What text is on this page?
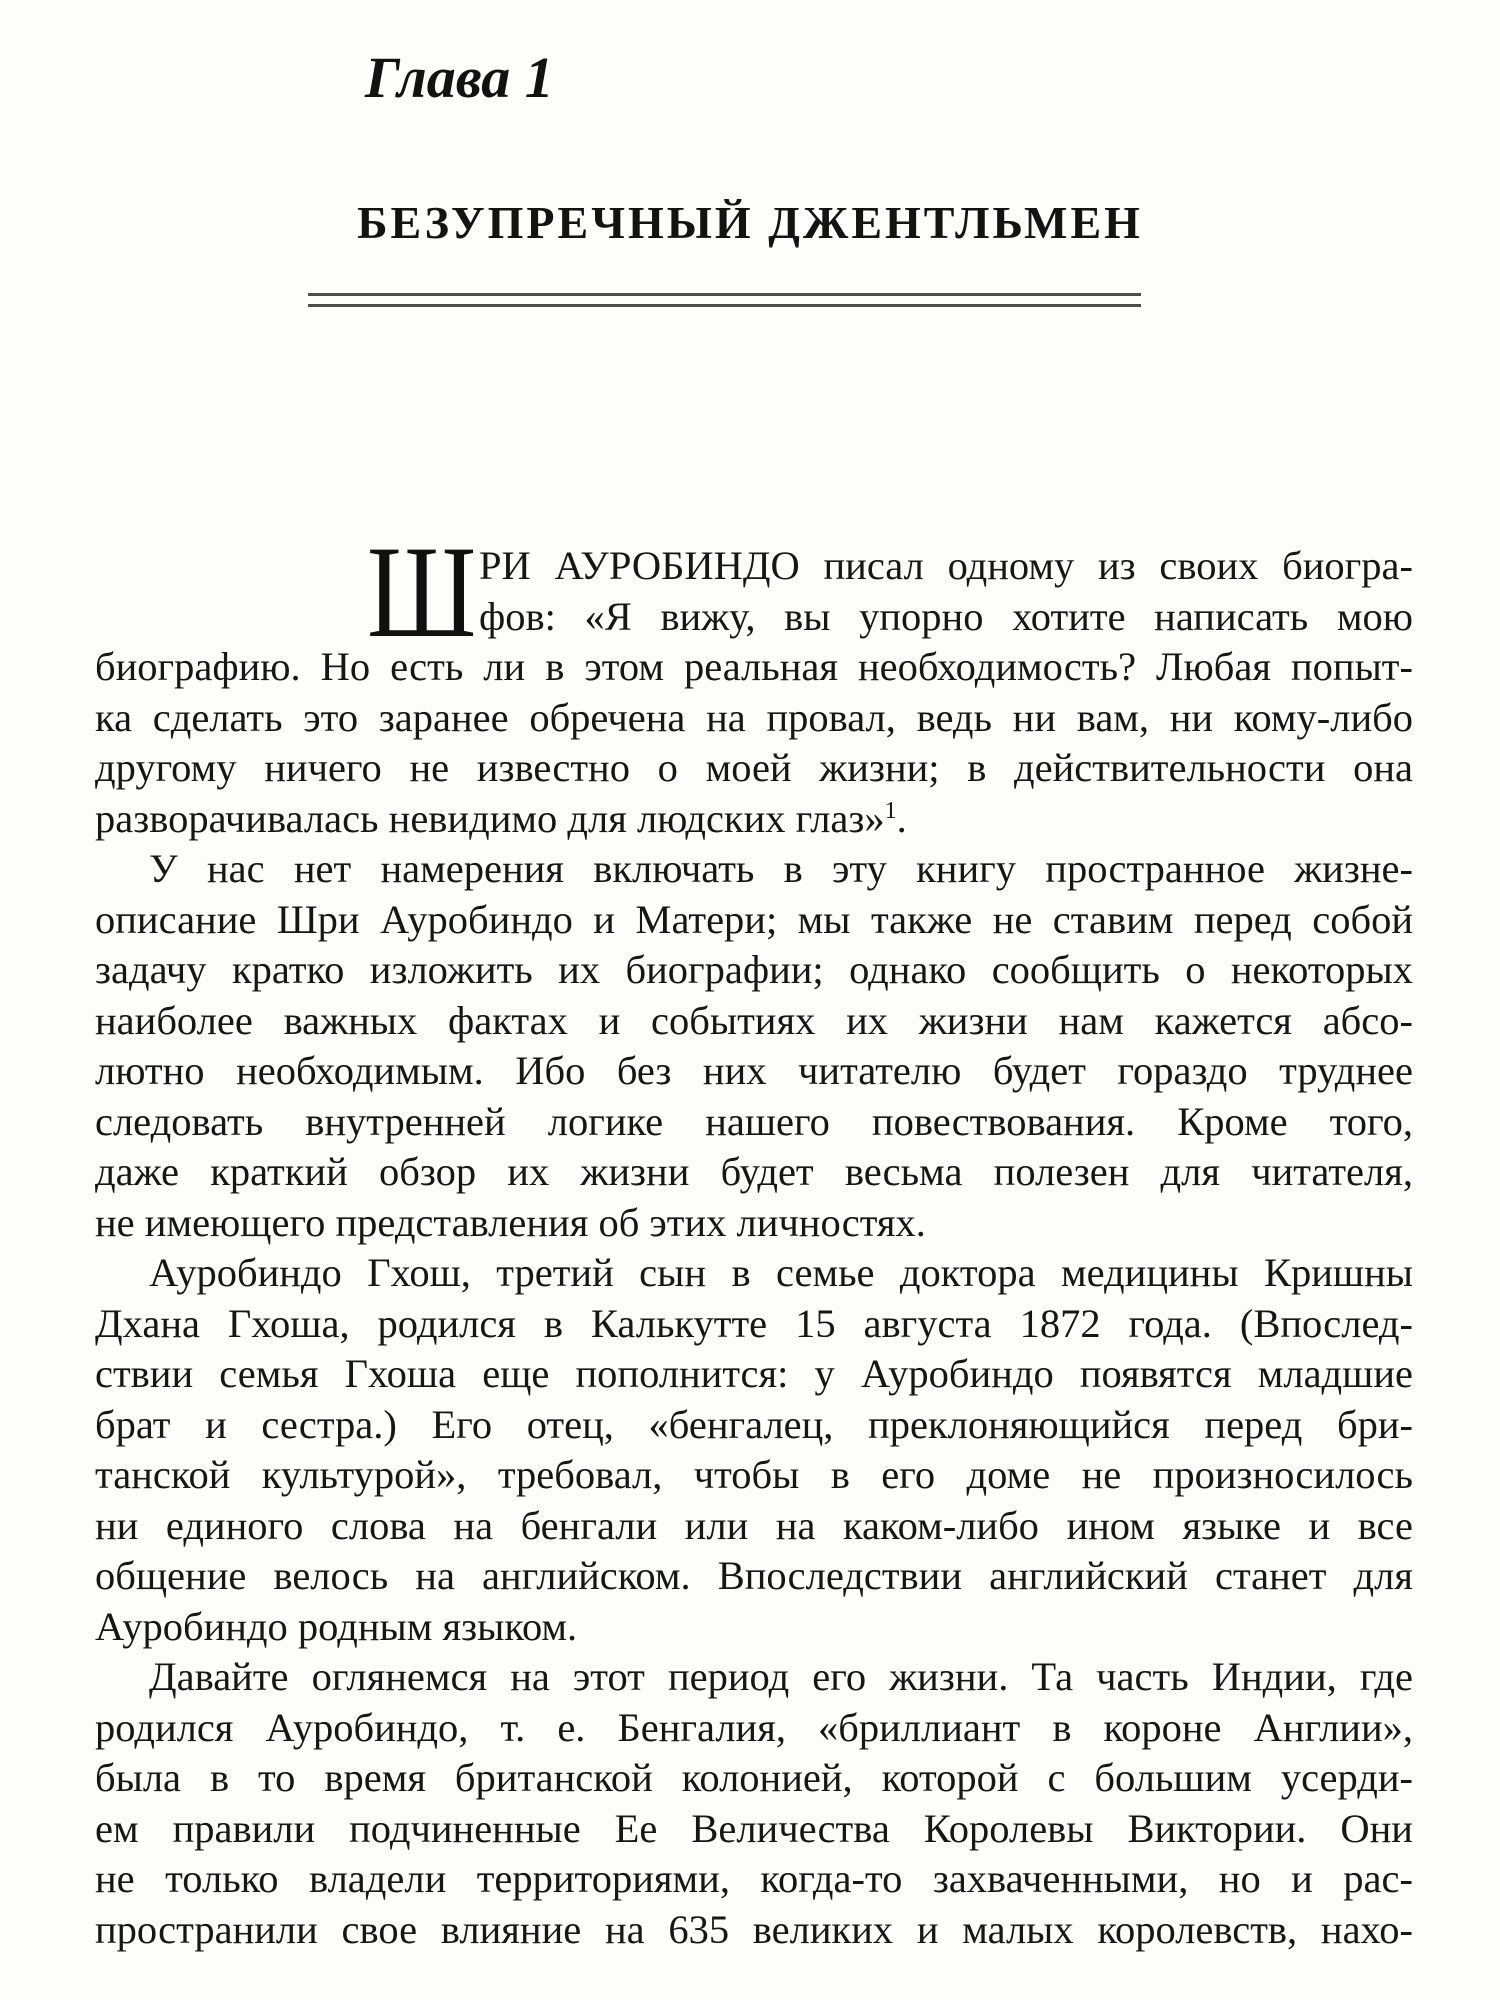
Глава 1
БЕЗУПРЕЧНЫЙ ДЖЕНТЛЬМЕН
Ш РИ АУРОБИНДО писал одному из своих биогра-
фов: «Я вижу, вы упорно хотите написать мою
биографию. Но есть ли в этом реальная необходимость? Любая попыт-
ка сделать это заранее обречена на провал, ведь ни вам, ни кому-либо
другому ничего не известно о моей жизни; в действительности она
разворачивалась невидимо для людских глаз»$^1$.
У нас нет намерения включать в эту книгу пространное жизне-
описание Шри Ауробиндо и Матери; мы также не ставим перед собой
задачу кратко изложить их биографии; однако сообщить о некоторых
наиболее важных фактах и событиях их жизни нам кажется абсо-
лютно необходимым. Ибо без них читателю будет гораздо труднее
следовать внутренней логике нашего повествования. Кроме того,
даже краткий обзор их жизни будет весьма полезен для читателя,
не имеющего представления об этих личностях.
Ауробиндо Гхош, третий сын в семье доктора медицины Кришны
Дхана Гхоша, родился в Калькутте 15 августа 1872 года. (Впослед-
ствии семья Гхоша еще пополнится: у Ауробиндо появятся младшие
брат и сестра.) Его отец, «бенгалец, преклоняющийся перед бри-
танской культурой», требовал, чтобы в его доме не произносилось
ни единого слова на бенгали или на каком-либо ином языке и все
общение велось на английском. Впоследствии английский станет для
Ауробиндо родным языком.
Давайте оглянемся на этот период его жизни. Та часть Индии, где
родился Ауробиндо, т. е. Бенгалия, «бриллиант в короне Англии»,
была в то время британской колонией, которой с большим усерди-
ем правили подчиненные Ее Величества Королевы Виктории. Они
не только владели территориями, когда-то захваченными, но и рас-
пространили свое влияние на 635 великих и малых королевств, нахо-
